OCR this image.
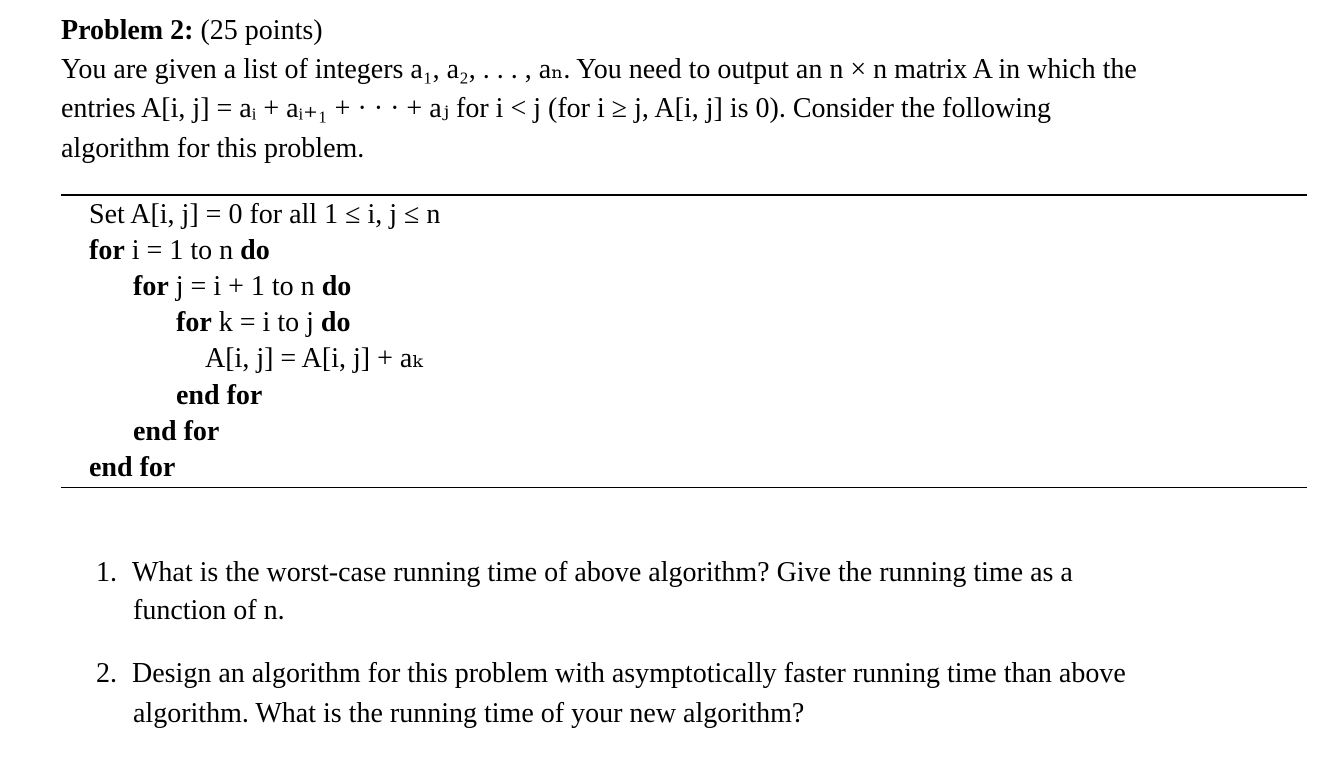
Problem 2: (25 points)
You are given a list of integers a₁, a₂, . . . , aₙ. You need to output an n × n matrix A in which the
entries A[i, j] = aᵢ + aᵢ₊₁ + · · · + aⱼ for i < j (for i ≥ j, A[i, j] is 0). Consider the following
algorithm for this problem.
Set A[i, j] = 0 for all 1 ≤ i, j ≤ n
for i = 1 to n do
for j = i + 1 to n do
for k = i to j do
A[i, j] = A[i, j] + aₖ
end for
end for
end for
1. What is the worst-case running time of above algorithm? Give the running time as a
function of n.
2. Design an algorithm for this problem with asymptotically faster running time than above
algorithm. What is the running time of your new algorithm?
